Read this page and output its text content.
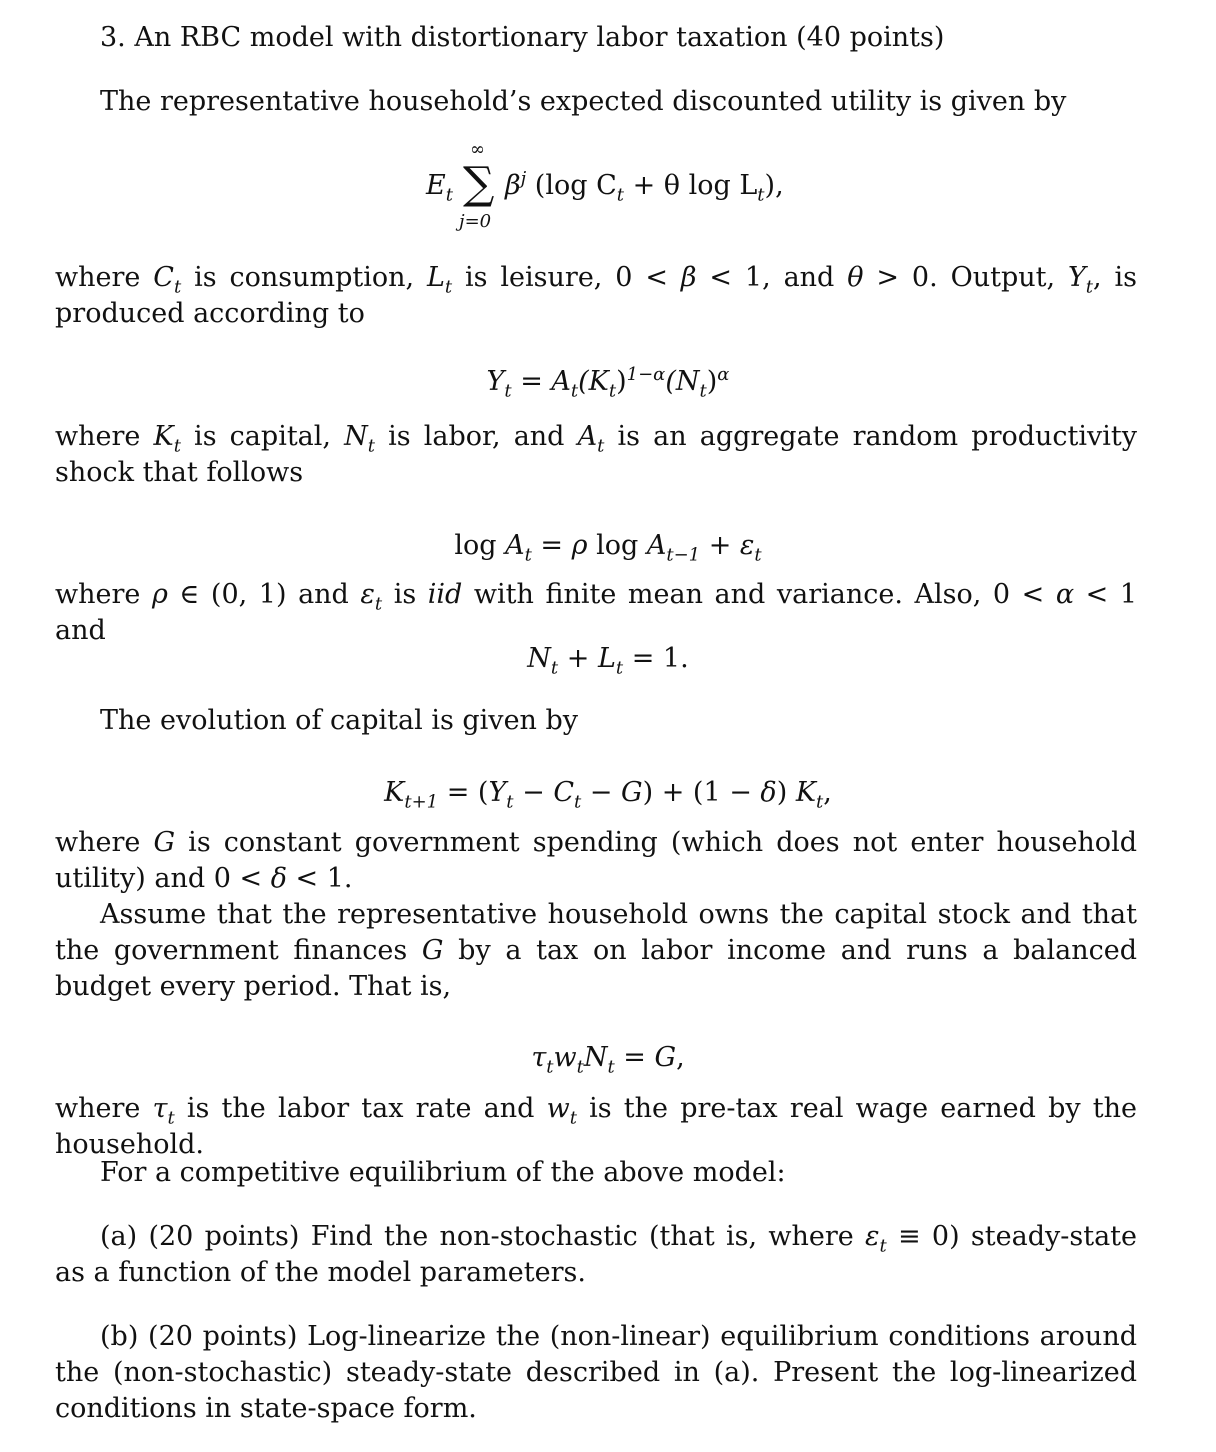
3. An RBC model with distortionary labor taxation (40 points)
The representative household’s expected discounted utility is given by
$E_t$
∞
∑
j=0
$\beta^j$ (log $C_t + \theta$ $\log L_t$),
where $C_t$ is consumption, $L_t$ is leisure, 0 < β < 1, and θ > 0. Output, $Y_t$, is produced according to
$Y_t = A_t(K_t)^{1-\alpha}(N_t)^\alpha$
where $K_t$ is capital, $N_t$ is labor, and $A_t$ is an aggregate random productivity shock that follows
$\log A_t = \rho$ $\log A_{t-1} + \varepsilon_t$
where ρ ∈ (0, 1) and $\varepsilon_t$ is iid with finite mean and variance. Also, 0 < α < 1 and
$N_t + L_t = 1$.
The evolution of capital is given by
$K_{t+1} = (Y_t - C_t - G) + (1 - \delta)$ $K_t$,
where G is constant government spending (which does not enter household utility) and 0 < δ < 1.
Assume that the representative household owns the capital stock and that the government finances G by a tax on labor income and runs a balanced budget every period. That is,
$\tau_tw_tN_t = G$,
where $\tau_t$ is the labor tax rate and $w_t$ is the pre-tax real wage earned by the household.
For a competitive equilibrium of the above model:
(a) (20 points) Find the non-stochastic (that is, where $\varepsilon_t \equiv 0$) steady-state as a function of the model parameters.
(b) (20 points) Log-linearize the (non-linear) equilibrium conditions around the (non-stochastic) steady-state described in (a). Present the log-linearized conditions in state-space form.
